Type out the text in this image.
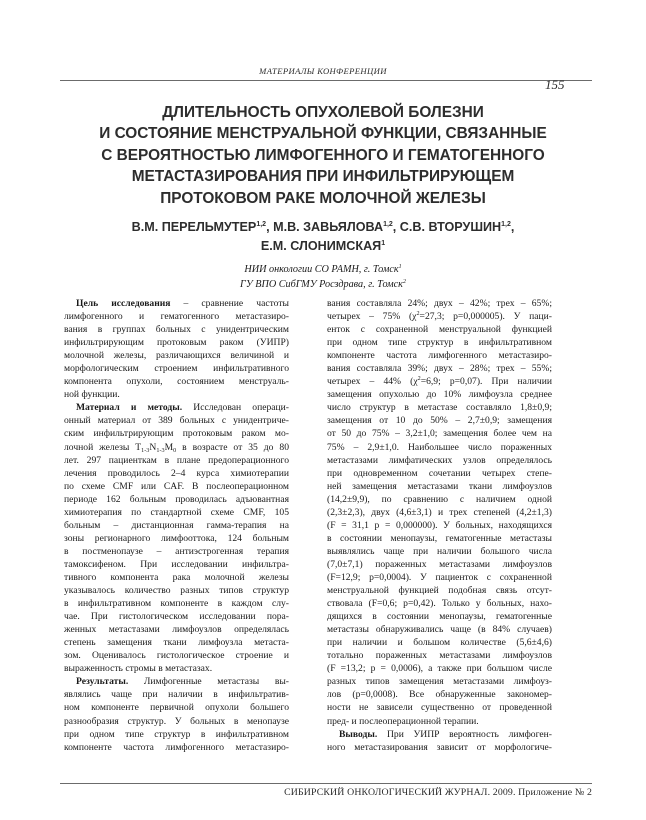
МАТЕРИАЛЫ КОНФЕРЕНЦИИ
155
ДЛИТЕЛЬНОСТЬ ОПУХОЛЕВОЙ БОЛЕЗНИ
И СОСТОЯНИЕ МЕНСТРУАЛЬНОЙ ФУНКЦИИ, СВЯЗАННЫЕ
С ВЕРОЯТНОСТЬЮ ЛИМФОГЕННОГО И ГЕМАТОГЕННОГО
МЕТАСТАЗИРОВАНИЯ ПРИ ИНФИЛЬТРИРУЮЩЕМ
ПРОТОКОВОМ РАКЕ МОЛОЧНОЙ ЖЕЛЕЗЫ
В.М. ПЕРЕЛЬМУТЕР$^{1,2}$, М.В. ЗАВЬЯЛОВА$^{1,2}$, С.В. ВТОРУШИН$^{1,2}$,
Е.М. СЛОНИМСКАЯ$^1$
НИИ онкологии СО РАМН, г. Томск$^1$
ГУ ВПО СибГМУ Росздрава, г. Томск$^2$
Цель исследования – сравнение частоты
лимфогенного и гематогенного метастазиро-
вания в группах больных с унидентрическим
инфильтрирующим протоковым раком (УИПР)
молочной железы, различающихся величиной и
морфологическим строением инфильтративного
компонента опухоли, состоянием менструаль-
ной функции.
Материал и методы. Исследован операци-
онный материал от 389 больных с унидентриче-
ским инфильтрирующим протоковым раком мо-
лочной железы $T_{1-3}N_{1-3}M_0$ в возрасте от 35 до 80
лет. 297 пациенткам в плане предоперационного
лечения проводилось 2–4 курса химиотерапии
по схеме CMF или CAF. В послеоперационном
периоде 162 больным проводилась адъювантная
химиотерапия по стандартной схеме CMF, 105
больным – дистанционная гамма-терапия на
зоны регионарного лимфооттока, 124 больным
в постменопаузе – антиэстрогенная терапия
тамоксифеном. При исследовании инфильтра-
тивного компонента рака молочной железы
указывалось количество разных типов структур
в инфильтративном компоненте в каждом слу-
чае. При гистологическом исследовании пора-
женных метастазами лимфоузлов определялась
степень замещения ткани лимфоузла метаста-
зом. Оценивалось гистологическое строение и
выраженность стромы в метастазах.
Результаты. Лимфогенные метастазы вы-
являлись чаще при наличии в инфильтратив-
ном компоненте первичной опухоли большего
разнообразия структур. У больных в менопаузе
при одном типе структур в инфильтративном
компоненте частота лимфогенного метастазиро-
вания составляла 24%; двух – 42%; трех – 65%;
четырех – 75% ($\chi^2=27,3$; р=0,000005). У паци-
енток с сохраненной менструальной функцией
при одном типе структур в инфильтративном
компоненте частота лимфогенного метастазиро-
вания составляла 39%; двух – 28%; трех – 55%;
четырех – 44% ($\chi^2=6,9$; р=0,07). При наличии
замещения опухолью до 10% лимфоузла среднее
число структур в метастазе составляло 1,8±0,9;
замещения от 10 до 50% – 2,7±0,9; замещения
от 50 до 75% – 3,2±1,0; замещения более чем на
75% – 2,9±1,0. Наибольшее число пораженных
метастазами лимфатических узлов определялось
при одновременном сочетании четырех степе-
ней замещения метастазами ткани лимфоузлов
(14,2±9,9), по сравнению с наличием одной
(2,3±2,3), двух (4,6±3,1) и трех степеней (4,2±1,3)
(F = 31,1 р = 0,000000). У больных, находящихся
в состоянии менопаузы, гематогенные метастазы
выявлялись чаще при наличии большого числа
(7,0±7,1) пораженных метастазами лимфоузлов
(F=12,9; р=0,0004). У пациенток с сохраненной
менструальной функцией подобная связь отсут-
ствовала (F=0,6; р=0,42). Только у больных, нахо-
дящихся в состоянии менопаузы, гематогенные
метастазы обнаруживались чаще (в 84% случаев)
при наличии и большом количестве (5,6±4,6)
тотально пораженных метастазами лимфоузлов
(F =13,2; р = 0,0006), а также при большом числе
разных типов замещения метастазами лимфоуз-
лов (р=0,0008). Все обнаруженные закономер-
ности не зависели существенно от проведенной
пред- и послеоперационной терапии.
Выводы. При УИПР вероятность лимфоген-
ного метастазирования зависит от морфологиче-
СИБИРСКИЙ ОНКОЛОГИЧЕСКИЙ ЖУРНАЛ. 2009. Приложение № 2
